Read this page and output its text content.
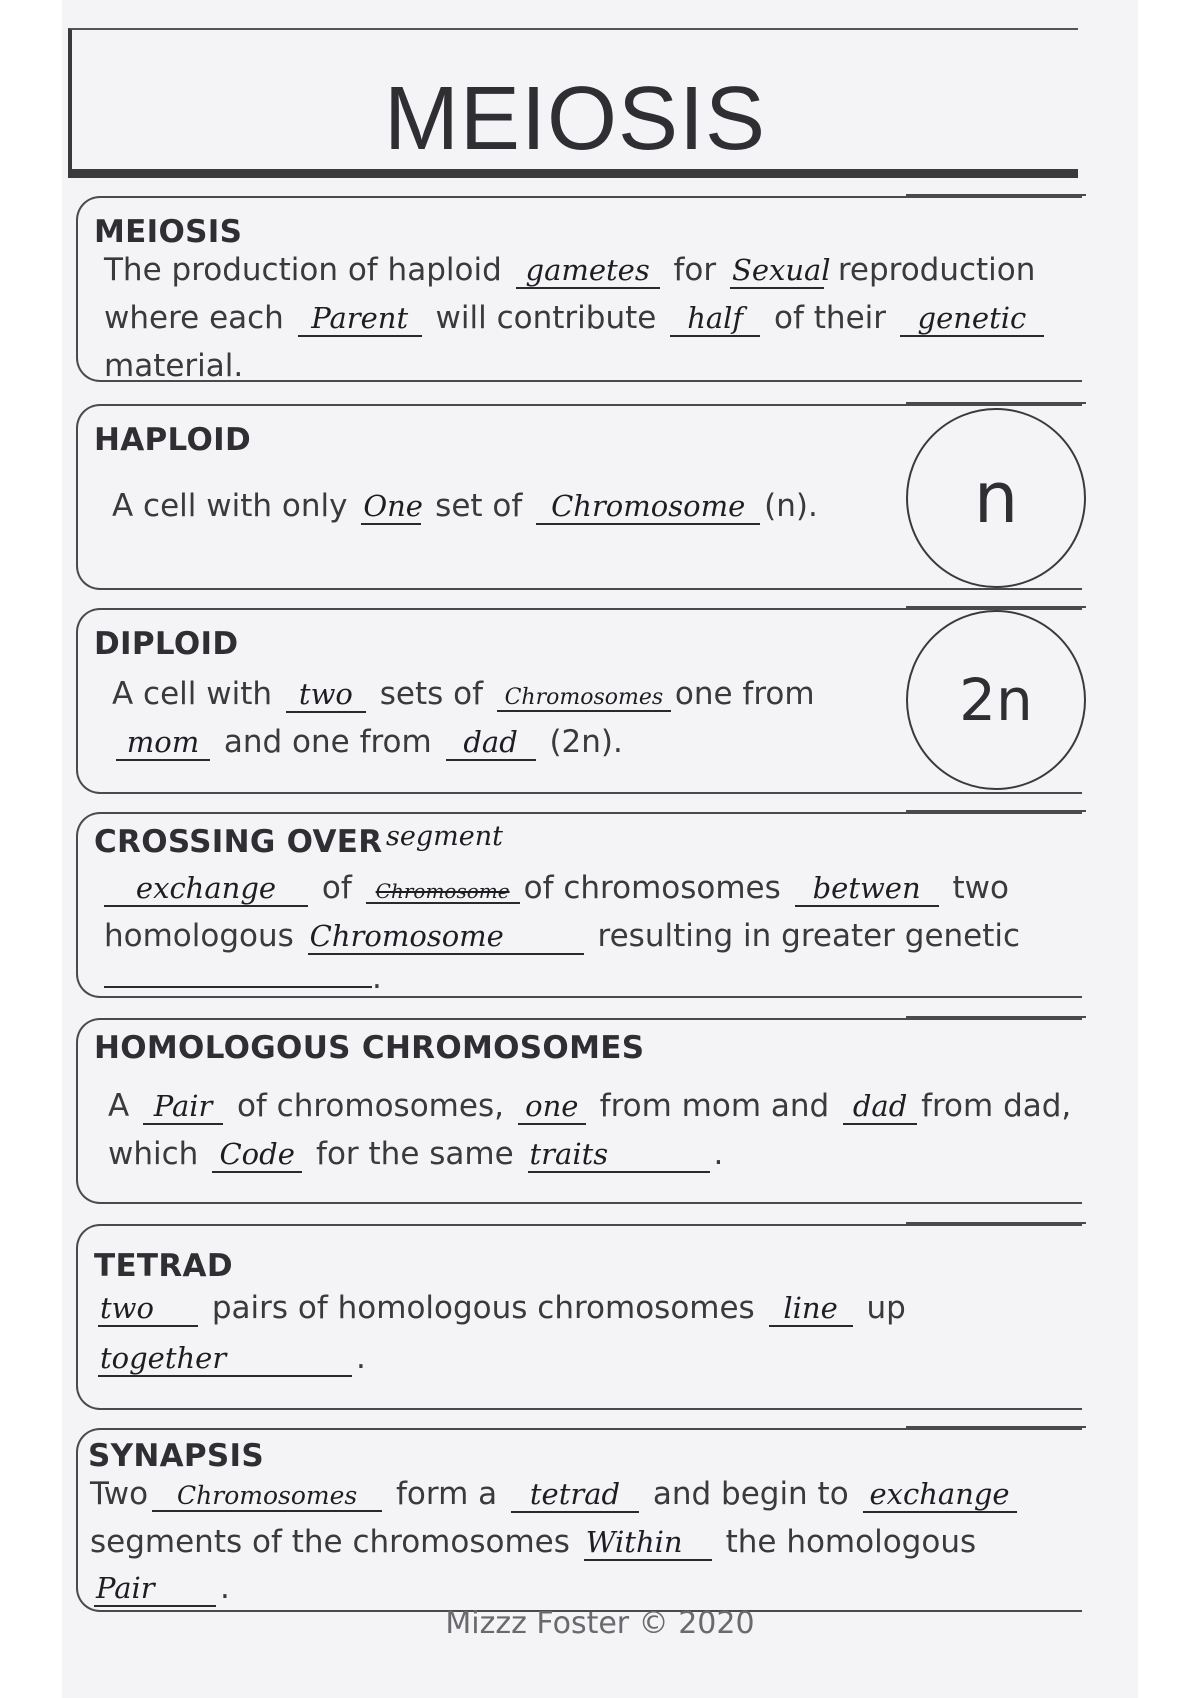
MEIOSIS
MEIOSIS
The production of haploid gametes for Sexual reproduction
where each Parent will contribute half of their genetic
material.
HAPLOID
A cell with only One set of Chromosome (n).	n
DIPLOID
A cell with two sets of Chromosomes one from
mom and one from dad (2n).
2n
CROSSING OVER segment
exchange of Chromosome of chromosomes betwen two
homologous Chromosome	resulting in greater genetic
.
HOMOLOGOUS CHROMOSOMES
A Pair of chromosomes, one from mom and dad from dad,
which Code for the same traits	.
TETRAD
two pairs of homologous chromosomes line up
together	.
SYNAPSIS
Two Chromosomes form a tetrad and begin to exchange
segments of the chromosomes Within the homologous
Pair .
Mizzz Foster © 2020
